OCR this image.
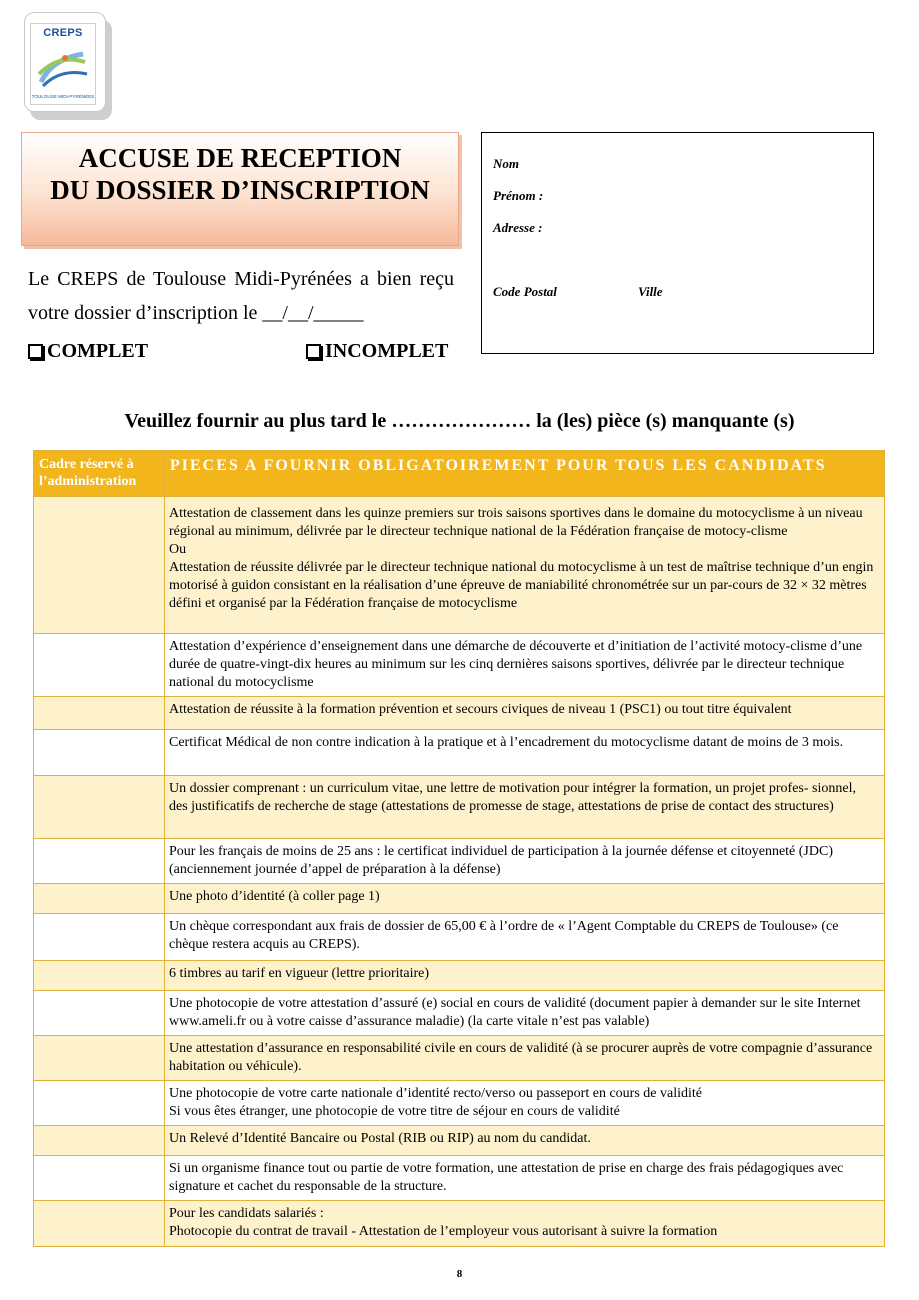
CREPS
TOULOUSE MIDI-PYRÉNÉES
ACCUSE DE RECEPTION
DU DOSSIER D’INSCRIPTION
Le CREPS de Toulouse Midi-Pyrénées a bien reçu votre dossier d’inscription le __/__/_____
COMPLET	INCOMPLET
Nom
Prénom :
Adresse :
Code Postal	Ville
Veuillez fournir au plus tard le ………………… la (les) pièce (s) manquante (s)
Cadre réservé à l’administration	PIECES A FOURNIR OBLIGATOIREMENT POUR TOUS LES CANDIDATS

	Attestation de classement dans les quinze premiers sur trois saisons sportives dans le domaine du motocyclisme à un niveau régional au minimum, délivrée par le directeur technique national de la Fédération française de motocy-clisme
Ou
Attestation de réussite délivrée par le directeur technique national du motocyclisme à un test de maîtrise technique d’un engin motorisé à guidon consistant en la réalisation d’une épreuve de maniabilité chronométrée sur un par-cours de 32 × 32 mètres défini et organisé par la Fédération française de motocyclisme

	Attestation d’expérience d’enseignement dans une démarche de découverte et d’initiation de l’activité motocy-clisme d’une durée de quatre-vingt-dix heures au minimum sur les cinq dernières saisons sportives, délivrée par le directeur technique national du motocyclisme

	Attestation de réussite à la formation prévention et secours civiques de niveau 1 (PSC1) ou tout titre équivalent

	Certificat Médical de non contre indication à la pratique et à l’encadrement du motocyclisme datant de moins de 3 mois.

	Un dossier comprenant : un curriculum vitae, une lettre de motivation pour intégrer la formation, un projet profes- sionnel, des justificatifs de recherche de stage (attestations de promesse de stage, attestations de prise de contact des structures)

	Pour les français de moins de 25 ans : le certificat individuel de participation à la journée défense et citoyenneté (JDC) (anciennement journée d’appel de préparation à la défense)

	Une photo d’identité (à coller page 1)

	Un chèque correspondant aux frais de dossier de 65,00 € à l’ordre de « l’Agent Comptable du CREPS de Toulouse» (ce chèque restera acquis au CREPS).

	6 timbres au tarif en vigueur (lettre prioritaire)

	Une photocopie de votre attestation d’assuré (e) social en cours de validité (document papier à demander sur le site Internet www.ameli.fr ou à votre caisse d’assurance maladie) (la carte vitale n’est pas valable)

	Une attestation d’assurance en responsabilité civile en cours de validité (à se procurer auprès de votre compagnie d’assurance habitation ou véhicule).

	Une photocopie de votre carte nationale d’identité recto/verso ou passeport en cours de validité
Si vous êtes étranger, une photocopie de votre titre de séjour en cours de validité

	Un Relevé d’Identité Bancaire ou Postal (RIB ou RIP) au nom du candidat.

	Si un organisme finance tout ou partie de votre formation, une attestation de prise en charge des frais pédagogiques avec signature et cachet du responsable de la structure.

	Pour les candidats salariés :
Photocopie du contrat de travail - Attestation de l’employeur vous autorisant à suivre la formation
8
